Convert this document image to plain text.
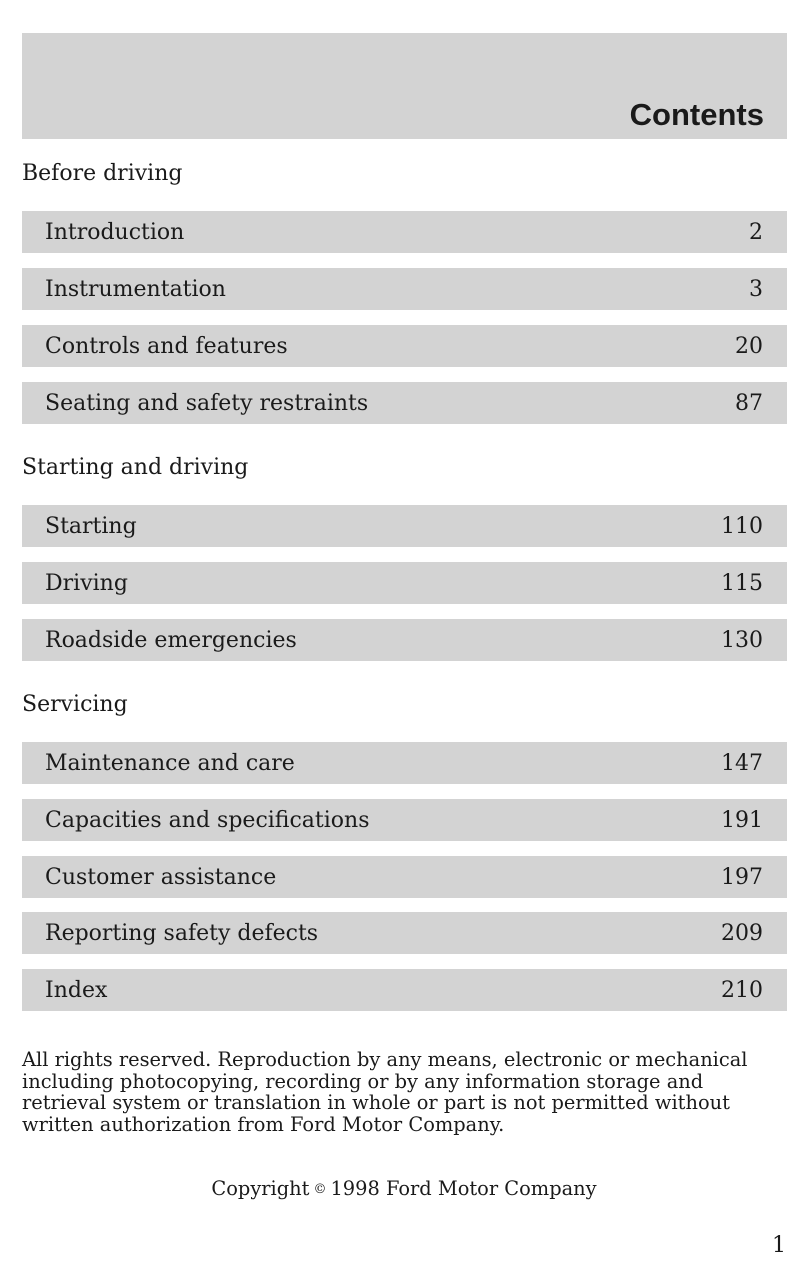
Contents
Before driving
Introduction	2
Instrumentation	3
Controls and features	20
Seating and safety restraints	87
Starting and driving
Starting	110
Driving	115
Roadside emergencies	130
Servicing
Maintenance and care	147
Capacities and specifications	191
Customer assistance	197
Reporting safety defects	209
Index	210

All rights reserved. Reproduction by any means, electronic or mechanical including photocopying, recording or by any information storage and retrieval system or translation in whole or part is not permitted without written authorization from Ford Motor Company.

Copyright © 1998 Ford Motor Company

1
